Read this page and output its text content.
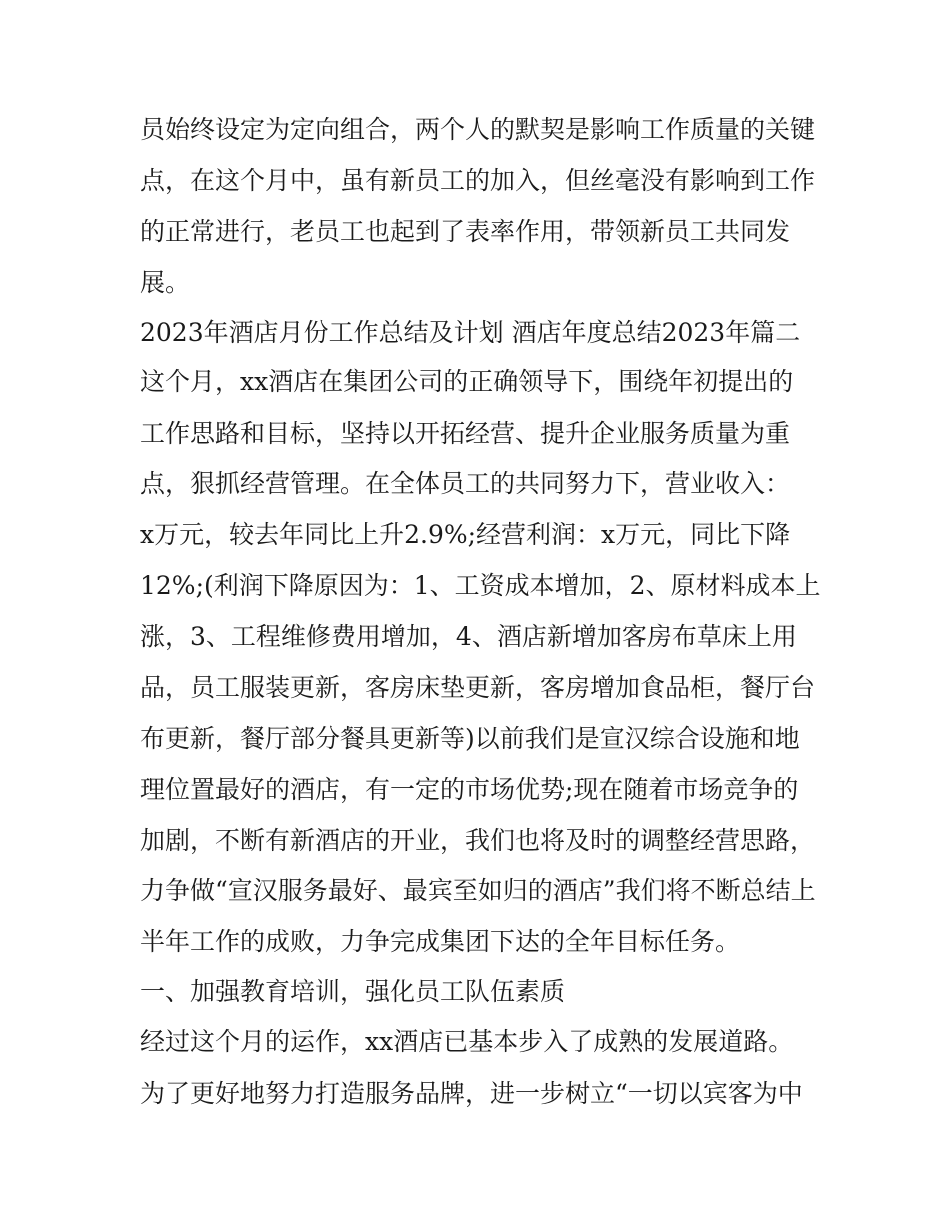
员始终设定为定向组合，两个人的默契是影响工作质量的关键
点，在这个月中，虽有新员工的加入，但丝毫没有影响到工作
的正常进行，老员工也起到了表率作用，带领新员工共同发
展。
2023年酒店月份工作总结及计划 酒店年度总结2023年篇二
这个月，xx酒店在集团公司的正确领导下，围绕年初提出的
工作思路和目标，坚持以开拓经营、提升企业服务质量为重
点，狠抓经营管理。在全体员工的共同努力下，营业收入：
x万元，较去年同比上升2.9%;经营利润：x万元，同比下降
12%;(利润下降原因为：1、工资成本增加，2、原材料成本上
涨，3、工程维修费用增加，4、酒店新增加客房布草床上用
品，员工服装更新，客房床垫更新，客房增加食品柜，餐厅台
布更新，餐厅部分餐具更新等)以前我们是宣汉综合设施和地
理位置最好的酒店，有一定的市场优势;现在随着市场竞争的
加剧，不断有新酒店的开业，我们也将及时的调整经营思路，
力争做“宣汉服务最好、最宾至如归的酒店”我们将不断总结上
半年工作的成败，力争完成集团下达的全年目标任务。
一、加强教育培训，强化员工队伍素质
经过这个月的运作，xx酒店已基本步入了成熟的发展道路。
为了更好地努力打造服务品牌，进一步树立“一切以宾客为中
